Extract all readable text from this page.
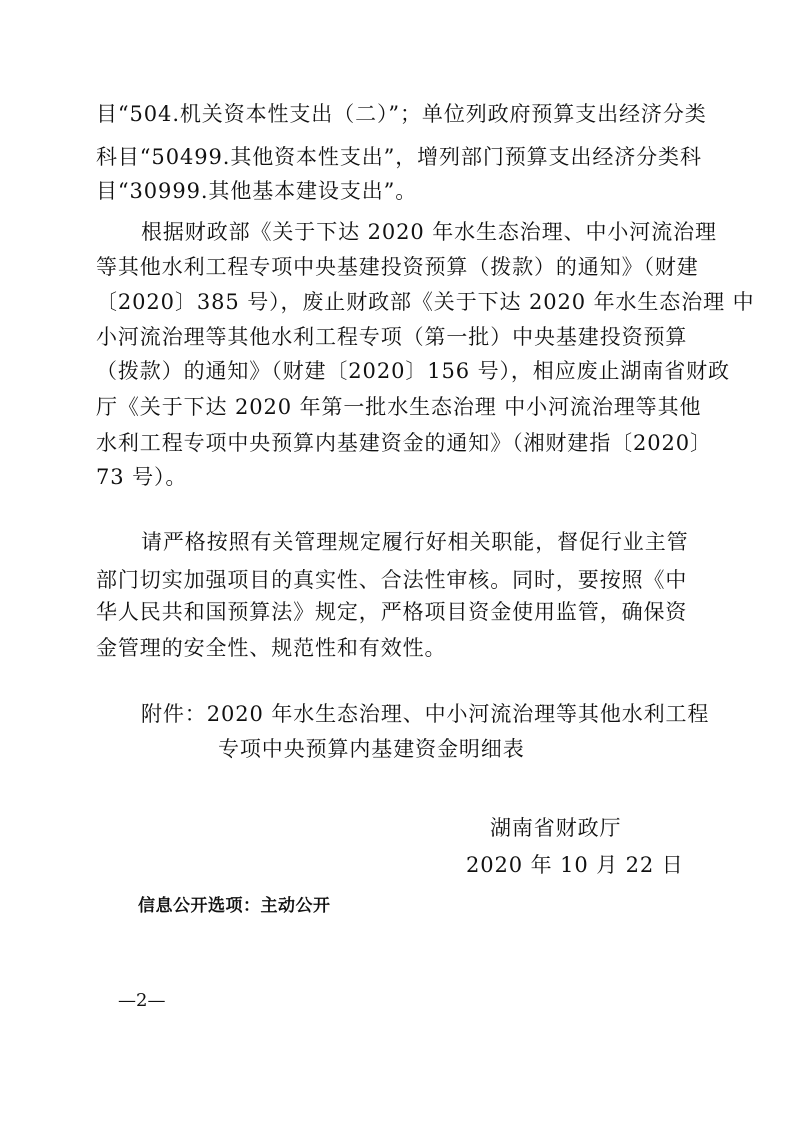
目“504.机关资本性支出（二）”；单位列政府预算支出经济分类
科目“50499.其他资本性支出”，增列部门预算支出经济分类科
目“30999.其他基本建设支出”。
根据财政部《关于下达 2020 年水生态治理、中小河流治理
等其他水利工程专项中央基建投资预算（拨款）的通知》（财建
〔2020〕385 号），废止财政部《关于下达 2020 年水生态治理 中
小河流治理等其他水利工程专项（第一批）中央基建投资预算
（拨款）的通知》（财建〔2020〕156 号），相应废止湖南省财政
厅《关于下达 2020 年第一批水生态治理 中小河流治理等其他
水利工程专项中央预算内基建资金的通知》（湘财建指〔2020〕
73 号）。
请严格按照有关管理规定履行好相关职能，督促行业主管
部门切实加强项目的真实性、合法性审核。同时，要按照《中
华人民共和国预算法》规定，严格项目资金使用监管，确保资
金管理的安全性、规范性和有效性。
附件：2020 年水生态治理、中小河流治理等其他水利工程
专项中央预算内基建资金明细表
湖南省财政厅
2020 年 10 月 22 日
信息公开选项：主动公开
—2—
